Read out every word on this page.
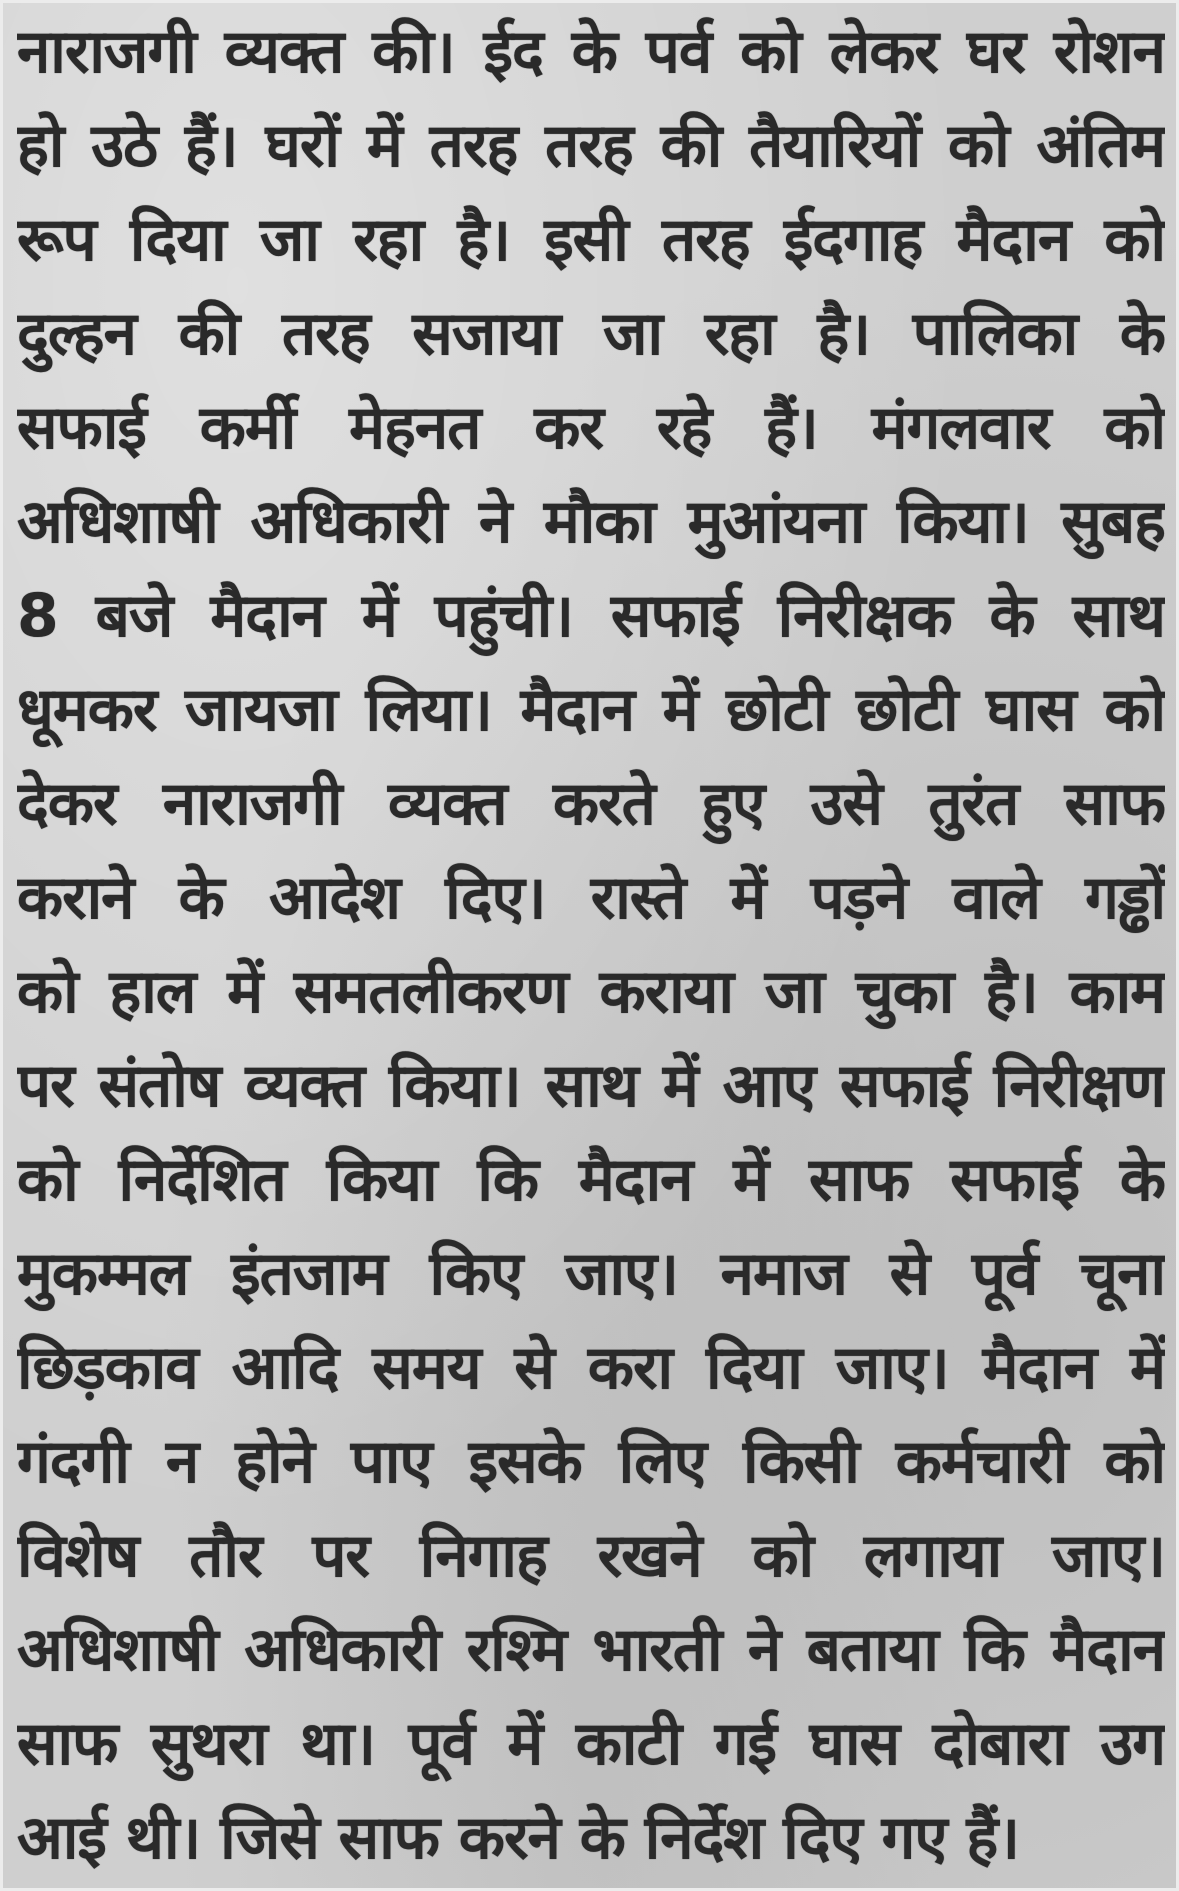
नाराजगी व्यक्त की। ईद के पर्व को लेकर घर रोशन
हो उठे हैं। घरों में तरह तरह की तैयारियों को अंतिम
रूप दिया जा रहा है। इसी तरह ईदगाह मैदान को
दुल्हन की तरह सजाया जा रहा है। पालिका के
सफाई कर्मी मेहनत कर रहे हैं। मंगलवार को
अधिशाषी अधिकारी ने मौका मुआंयना किया। सुबह
8 बजे मैदान में पहुंची। सफाई निरीक्षक के साथ
धूमकर जायजा लिया। मैदान में छोटी छोटी घास को
देकर नाराजगी व्यक्त करते हुए उसे तुरंत साफ
कराने के आदेश दिए। रास्ते में पड़ने वाले गड्ढों
को हाल में समतलीकरण कराया जा चुका है। काम
पर संतोष व्यक्त किया। साथ में आए सफाई निरीक्षण
को निर्देशित किया कि मैदान में साफ सफाई के
मुकम्मल इंतजाम किए जाए। नमाज से पूर्व चूना
छिड़काव आदि समय से करा दिया जाए। मैदान में
गंदगी न होने पाए इसके लिए किसी कर्मचारी को
विशेष तौर पर निगाह रखने को लगाया जाए।
अधिशाषी अधिकारी रश्मि भारती ने बताया कि मैदान
साफ सुथरा था। पूर्व में काटी गई घास दोबारा उग
आई थी। जिसे साफ करने के निर्देश दिए गए हैं।
